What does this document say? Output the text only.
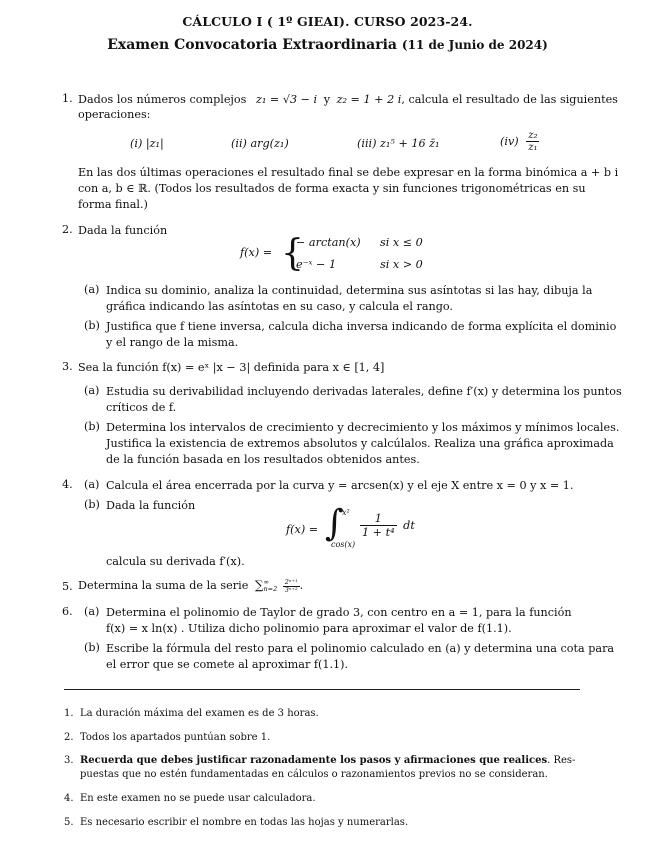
CÁLCULO I ( 1º GIEAI). CURSO 2023-24.
Examen Convocatoria Extraordinaria (11 de Junio de 2024)
1. Dados los números complejos z₁ = √3 − i y z₂ = 1 + 2 i, calcula el resultado de las siguientes
operaciones:
(i) |z₁|	(ii) arg(z₁)	(iii) z₁⁵ + 16 z̄₁	$(iv) \frac{\text{z₂}}{\text{z₁}}$
En las dos últimas operaciones el resultado final se debe expresar en la forma binómica a + b i
con a, b ∈ ℝ. (Todos los resultados de forma exacta y sin funciones trigonométricas en su
forma final.)
2. Dada la función
f(x) = {
− arctan(x) si x ≤ 0
e⁻ˣ − 1	si x > 0
(a) Indica su dominio, analiza la continuidad, determina sus asíntotas si las hay, dibuja la
gráfica indicando las asíntotas en su caso, y calcula el rango.
(b) Justifica que f tiene inversa, calcula dicha inversa indicando de forma explícita el dominio
y el rango de la misma.
3. Sea la función f(x) = eˣ |x − 3| definida para x ∈ [1, 4]
(a) Estudia su derivabilidad incluyendo derivadas laterales, define f′(x) y determina los puntos
críticos de f.
(b) Determina los intervalos de crecimiento y decrecimiento y los máximos y mínimos locales.
Justifica la existencia de extremos absolutos y calcúlalos. Realiza una gráfica aproximada
de la función basada en los resultados obtenidos antes.
4. (a) Calcula el área encerrada por la curva y = arcsen(x) y el eje X entre x = 0 y x = 1.
(b) Dada la función
f(x) = ∫
x²
cos(x)
$\frac{1}{\text{1 + t⁴}}$ dt
calcula su derivada f′(x).
5. Determina la suma de la serie ∑ ∞
n=2
$\frac{\text{2ⁿ⁺¹}}{\text{3ⁿ⁺²}}$ .
6. (a) Determina el polinomio de Taylor de grado 3, con centro en a = 1, para la función
f(x) = x ln(x) . Utiliza dicho polinomio para aproximar el valor de f(1.1).
(b) Escribe la fórmula del resto para el polinomio calculado en (a) y determina una cota para
el error que se comete al aproximar f(1.1).
1. La duración máxima del examen es de 3 horas.
2. Todos los apartados puntúan sobre 1.
3. Recuerda que debes justificar razonadamente los pasos y afirmaciones que realices. Res-
puestas que no estén fundamentadas en cálculos o razonamientos previos no se consideran.
4. En este examen no se puede usar calculadora.
5. Es necesario escribir el nombre en todas las hojas y numerarlas.
